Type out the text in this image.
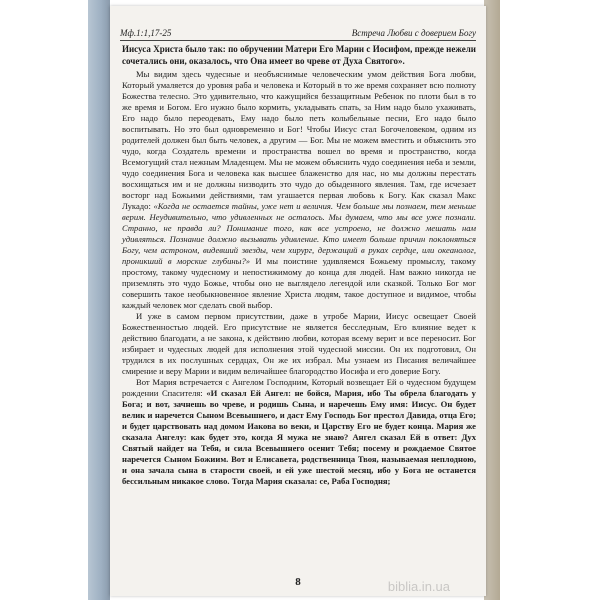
Мф.1:1,17-25	Встреча Любви с доверием Богу

Иисуса Христа было так: по обручении Матери Его Марии с Иосифом, прежде нежели сочетались они, оказалось, что Она имеет во чреве от Духа Святого».

Мы видим здесь чудесные и необъяснимые человеческим умом действия Бога любви, Который умаляется до уровня раба и человека и Который в то же время сохраняет всю полноту Божества телесно. Это удивительно, что кажущийся беззащитным Ребенок по плоти был в то же время и Богом. Его нужно было кормить, укладывать спать, за Ним надо было ухаживать, Его надо было переодевать, Ему надо было петь колыбельные песни, Его надо было воспитывать. Но это был одновременно и Бог! Чтобы Иисус стал Богочеловеком, одним из родителей должен был быть человек, а другим — Бог. Мы не можем вместить и объяснить это чудо, когда Создатель времени и пространства вошел во время и пространство, когда Всемогущий стал нежным Младенцем. Мы не можем объяснить чудо соединения неба и земли, чудо соединения Бога и человека как высшее блаженство для нас, но мы должны перестать восхищаться им и не должны низводить это чудо до обыденного явления. Там, где исчезает восторг над Божьими действиями, там угашается первая любовь к Богу. Как сказал Макс Лукадо: «Когда не остается тайны, уже нет и величия. Чем больше мы познаем, тем меньше верим. Неудивительно, что удивленных не осталось. Мы думаем, что мы все уже познали. Странно, не правда ли? Понимание того, как все устроено, не должно мешать нам удивляться. Познание должно вызывать удивление. Кто имеет больше причин поклоняться Богу, чем астроном, видевший звезды, чем хирург, держащий в руках сердце, или океанолог, проникший в морские глубины?» И мы поистине удивляемся Божьему промыслу, такому простому, такому чудесному и непостижимому до конца для людей. Нам важно никогда не приземлять это чудо Божье, чтобы оно не выглядело легендой или сказкой. Только Бог мог совершить такое необыкновенное явление Христа людям, такое доступное и видимое, чтобы каждый человек мог сделать свой выбор.

И уже в самом первом присутствии, даже в утробе Марии, Иисус освещает Своей Божественностью людей. Его присутствие не является бесследным, Его влияние ведет к действию благодати, а не закона, к действию любви, которая всему верит и все переносит. Бог избирает и чудесных людей для исполнения этой чудесной миссии. Он их подготовил, Он трудился в их послушных сердцах, Он же их избрал. Мы узнаем из Писания величайшее смирение и веру Марии и видим величайшее благородство Иосифа и его доверие Богу.

Вот Мария встречается с Ангелом Господним, Который возвещает Ей о чудесном будущем рождении Спасителя: «И сказал Ей Ангел: не бойся, Мария, ибо Ты обрела благодать у Бога; и вот, зачнешь во чреве, и родишь Сына, и наречешь Ему имя: Иисус. Он будет велик и наречется Сыном Всевышнего, и даст Ему Господь Бог престол Давида, отца Его; и будет царствовать над домом Иакова во веки, и Царству Его не будет конца. Мария же сказала Ангелу: как будет это, когда Я мужа не знаю? Ангел сказал Ей в ответ: Дух Святый найдет на Тебя, и сила Всевышнего осенит Тебя; посему и рождаемое Святое наречется Сыном Божиим. Вот и Елисавета, родственница Твоя, называемая неплодною, и она зачала сына в старости своей, и ей уже шестой месяц, ибо у Бога не останется бессильным никакое слово. Тогда Мария сказала: се, Раба Господня;

8	biblia.in.ua
